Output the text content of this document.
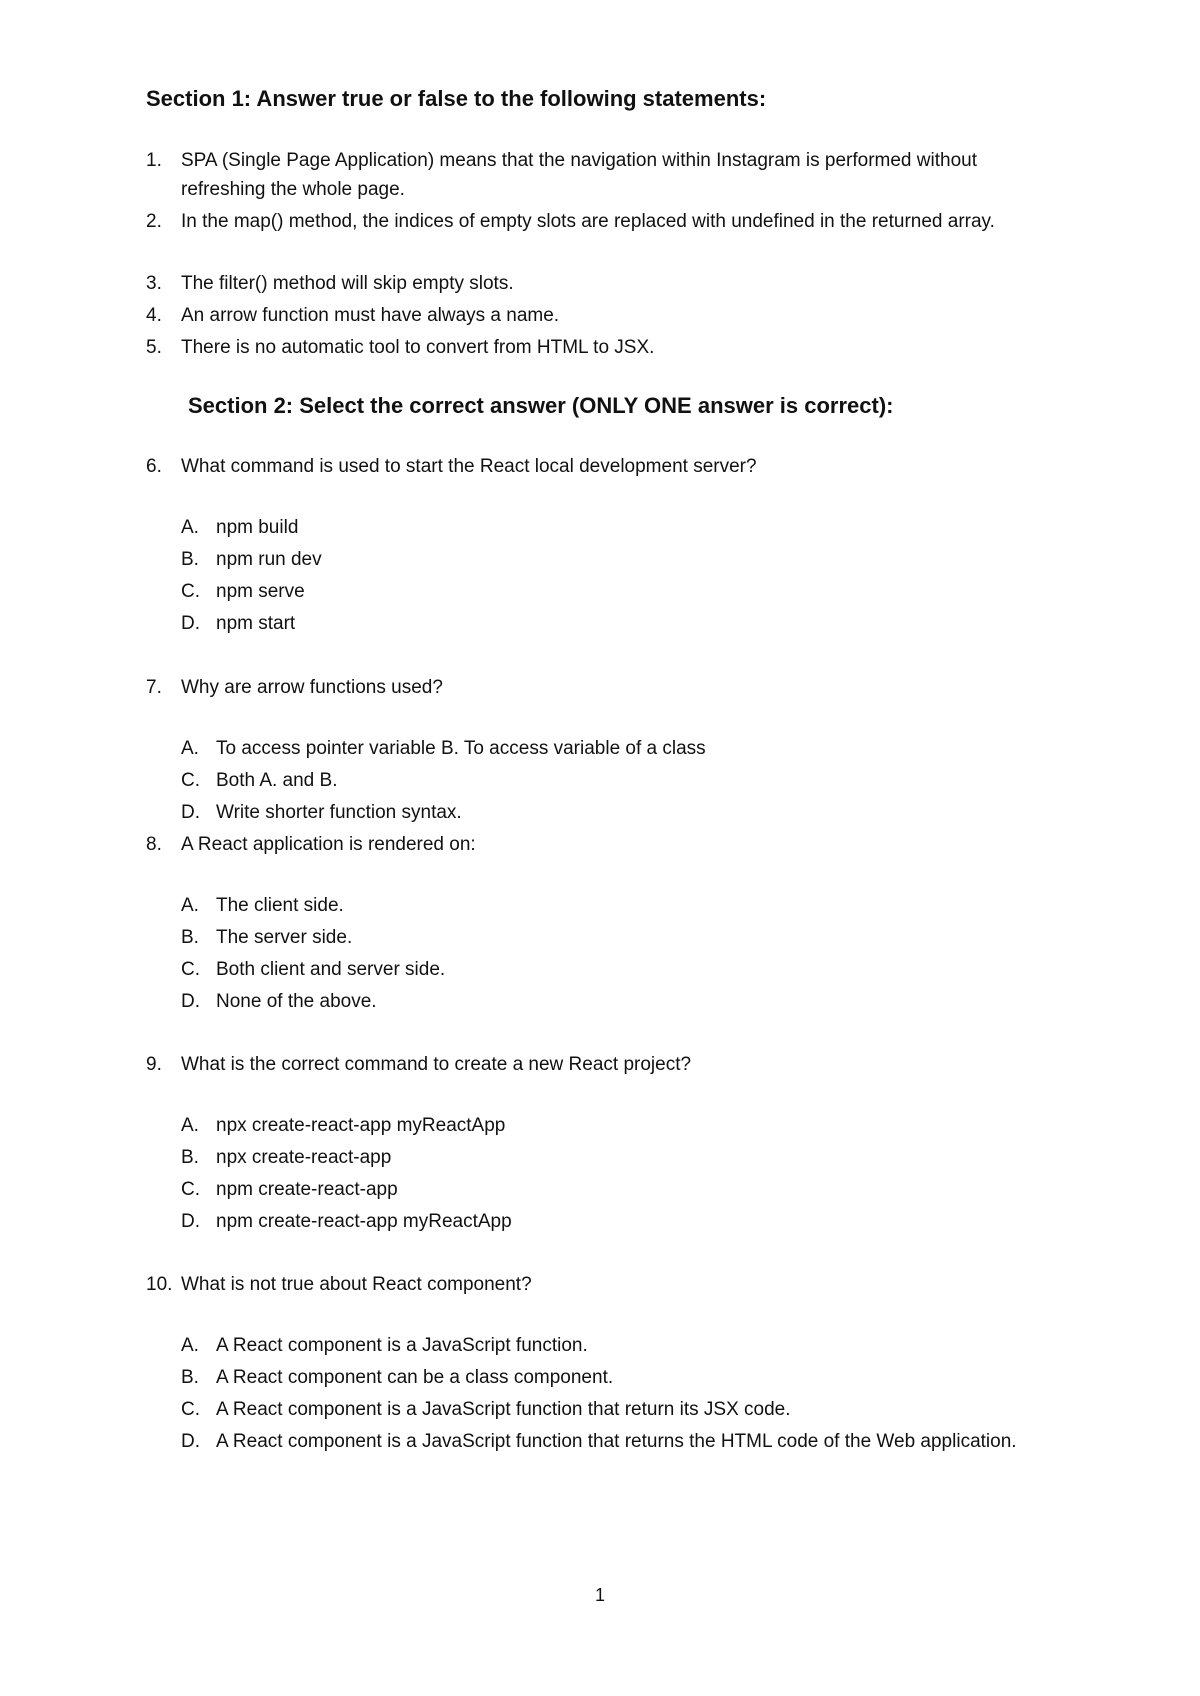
Section 1: Answer true or false to the following statements:
1.	SPA (Single Page Application) means that the navigation within Instagram is performed without refreshing the whole page.
2.	In the map() method, the indices of empty slots are replaced with undefined in the returned array.
3.	The filter() method will skip empty slots.
4.	An arrow function must have always a name.
5.	There is no automatic tool to convert from HTML to JSX.
Section 2: Select the correct answer (ONLY ONE answer is correct):
6.	What command is used to start the React local development server?
A. npm build
B. npm run dev
C. npm serve
D. npm start
7.	Why are arrow functions used?
A. To access pointer variable B. To access variable of a class
C. Both A. and B.
D. Write shorter function syntax.
8.	A React application is rendered on:
A. The client side.
B. The server side.
C. Both client and server side.
D. None of the above.
9.	What is the correct command to create a new React project?
A. npx create-react-app myReactApp
B. npx create-react-app
C. npm create-react-app
D. npm create-react-app myReactApp
10. What is not true about React component?
A. A React component is a JavaScript function.
B. A React component can be a class component.
C. A React component is a JavaScript function that return its JSX code.
D. A React component is a JavaScript function that returns the HTML code of the Web application.
1
